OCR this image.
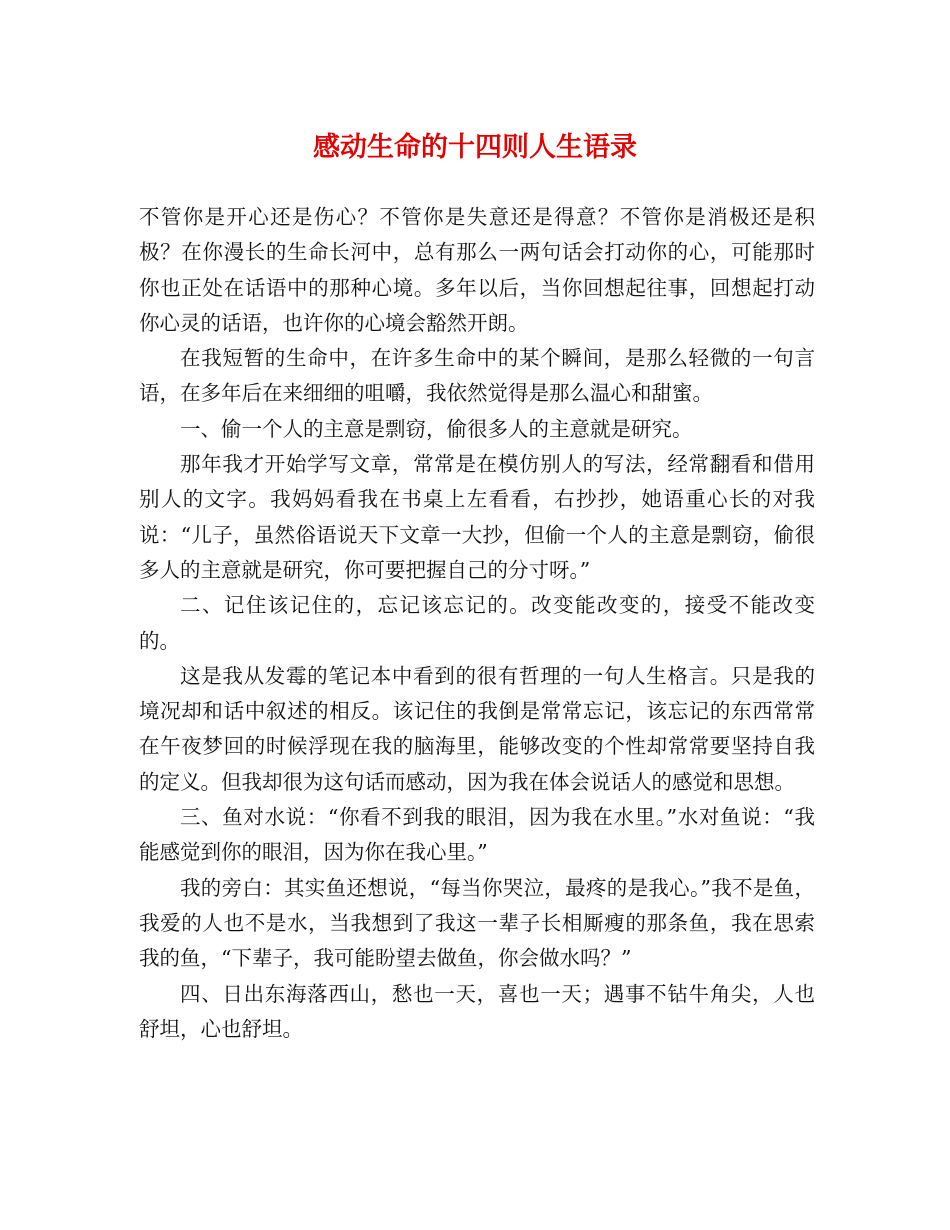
感动生命的十四则人生语录

不管你是开心还是伤心？不管你是失意还是得意？不管你是消极还是积极？在你漫长的生命长河中，总有那么一两句话会打动你的心，可能那时你也正处在话语中的那种心境。多年以后，当你回想起往事，回想起打动你心灵的话语，也许你的心境会豁然开朗。

在我短暂的生命中，在许多生命中的某个瞬间，是那么轻微的一句言语，在多年后在来细细的咀嚼，我依然觉得是那么温心和甜蜜。

一、偷一个人的主意是剽窃，偷很多人的主意就是研究。

那年我才开始学写文章，常常是在模仿别人的写法，经常翻看和借用别人的文字。我妈妈看我在书桌上左看看，右抄抄，她语重心长的对我说：“儿子，虽然俗语说天下文章一大抄，但偷一个人的主意是剽窃，偷很多人的主意就是研究，你可要把握自己的分寸呀。”

二、记住该记住的，忘记该忘记的。改变能改变的，接受不能改变的。

这是我从发霉的笔记本中看到的很有哲理的一句人生格言。只是我的境况却和话中叙述的相反。该记住的我倒是常常忘记，该忘记的东西常常在午夜梦回的时候浮现在我的脑海里，能够改变的个性却常常要坚持自我的定义。但我却很为这句话而感动，因为我在体会说话人的感觉和思想。

三、鱼对水说：“你看不到我的眼泪，因为我在水里。”水对鱼说：“我能感觉到你的眼泪，因为你在我心里。”

我的旁白：其实鱼还想说，“每当你哭泣，最疼的是我心。”我不是鱼，我爱的人也不是水，当我想到了我这一辈子长相厮瘦的那条鱼，我在思索我的鱼，“下辈子，我可能盼望去做鱼，你会做水吗？”

四、日出东海落西山，愁也一天，喜也一天；遇事不钻牛角尖，人也舒坦，心也舒坦。
